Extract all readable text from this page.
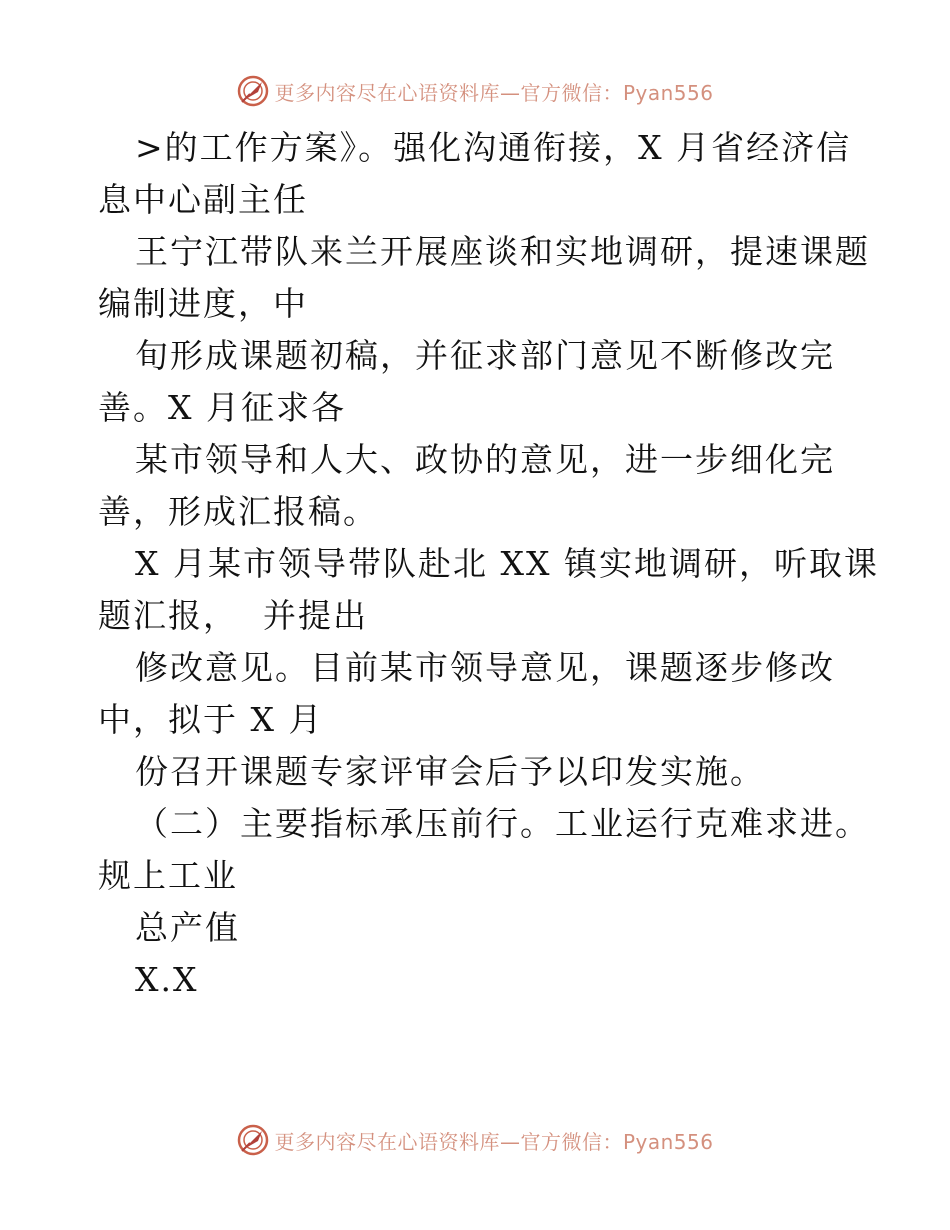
更多内容尽在心语资料库—官方微信：Pyan556
>的工作方案》。强化沟通衔接，X 月省经济信
息中心副主任
王宁江带队来兰开展座谈和实地调研，提速课题
编制进度，中
旬形成课题初稿，并征求部门意见不断修改完
善。X 月征求各
某市领导和人大、政协的意见，进一步细化完
善，形成汇报稿。
X 月某市领导带队赴北 XX 镇实地调研，听取课
题汇报，  并提出
修改意见。目前某市领导意见，课题逐步修改
中，拟于 X 月
份召开课题专家评审会后予以印发实施。
（二）主要指标承压前行。工业运行克难求进。
规上工业
总产值
X.X
更多内容尽在心语资料库—官方微信：Pyan556
